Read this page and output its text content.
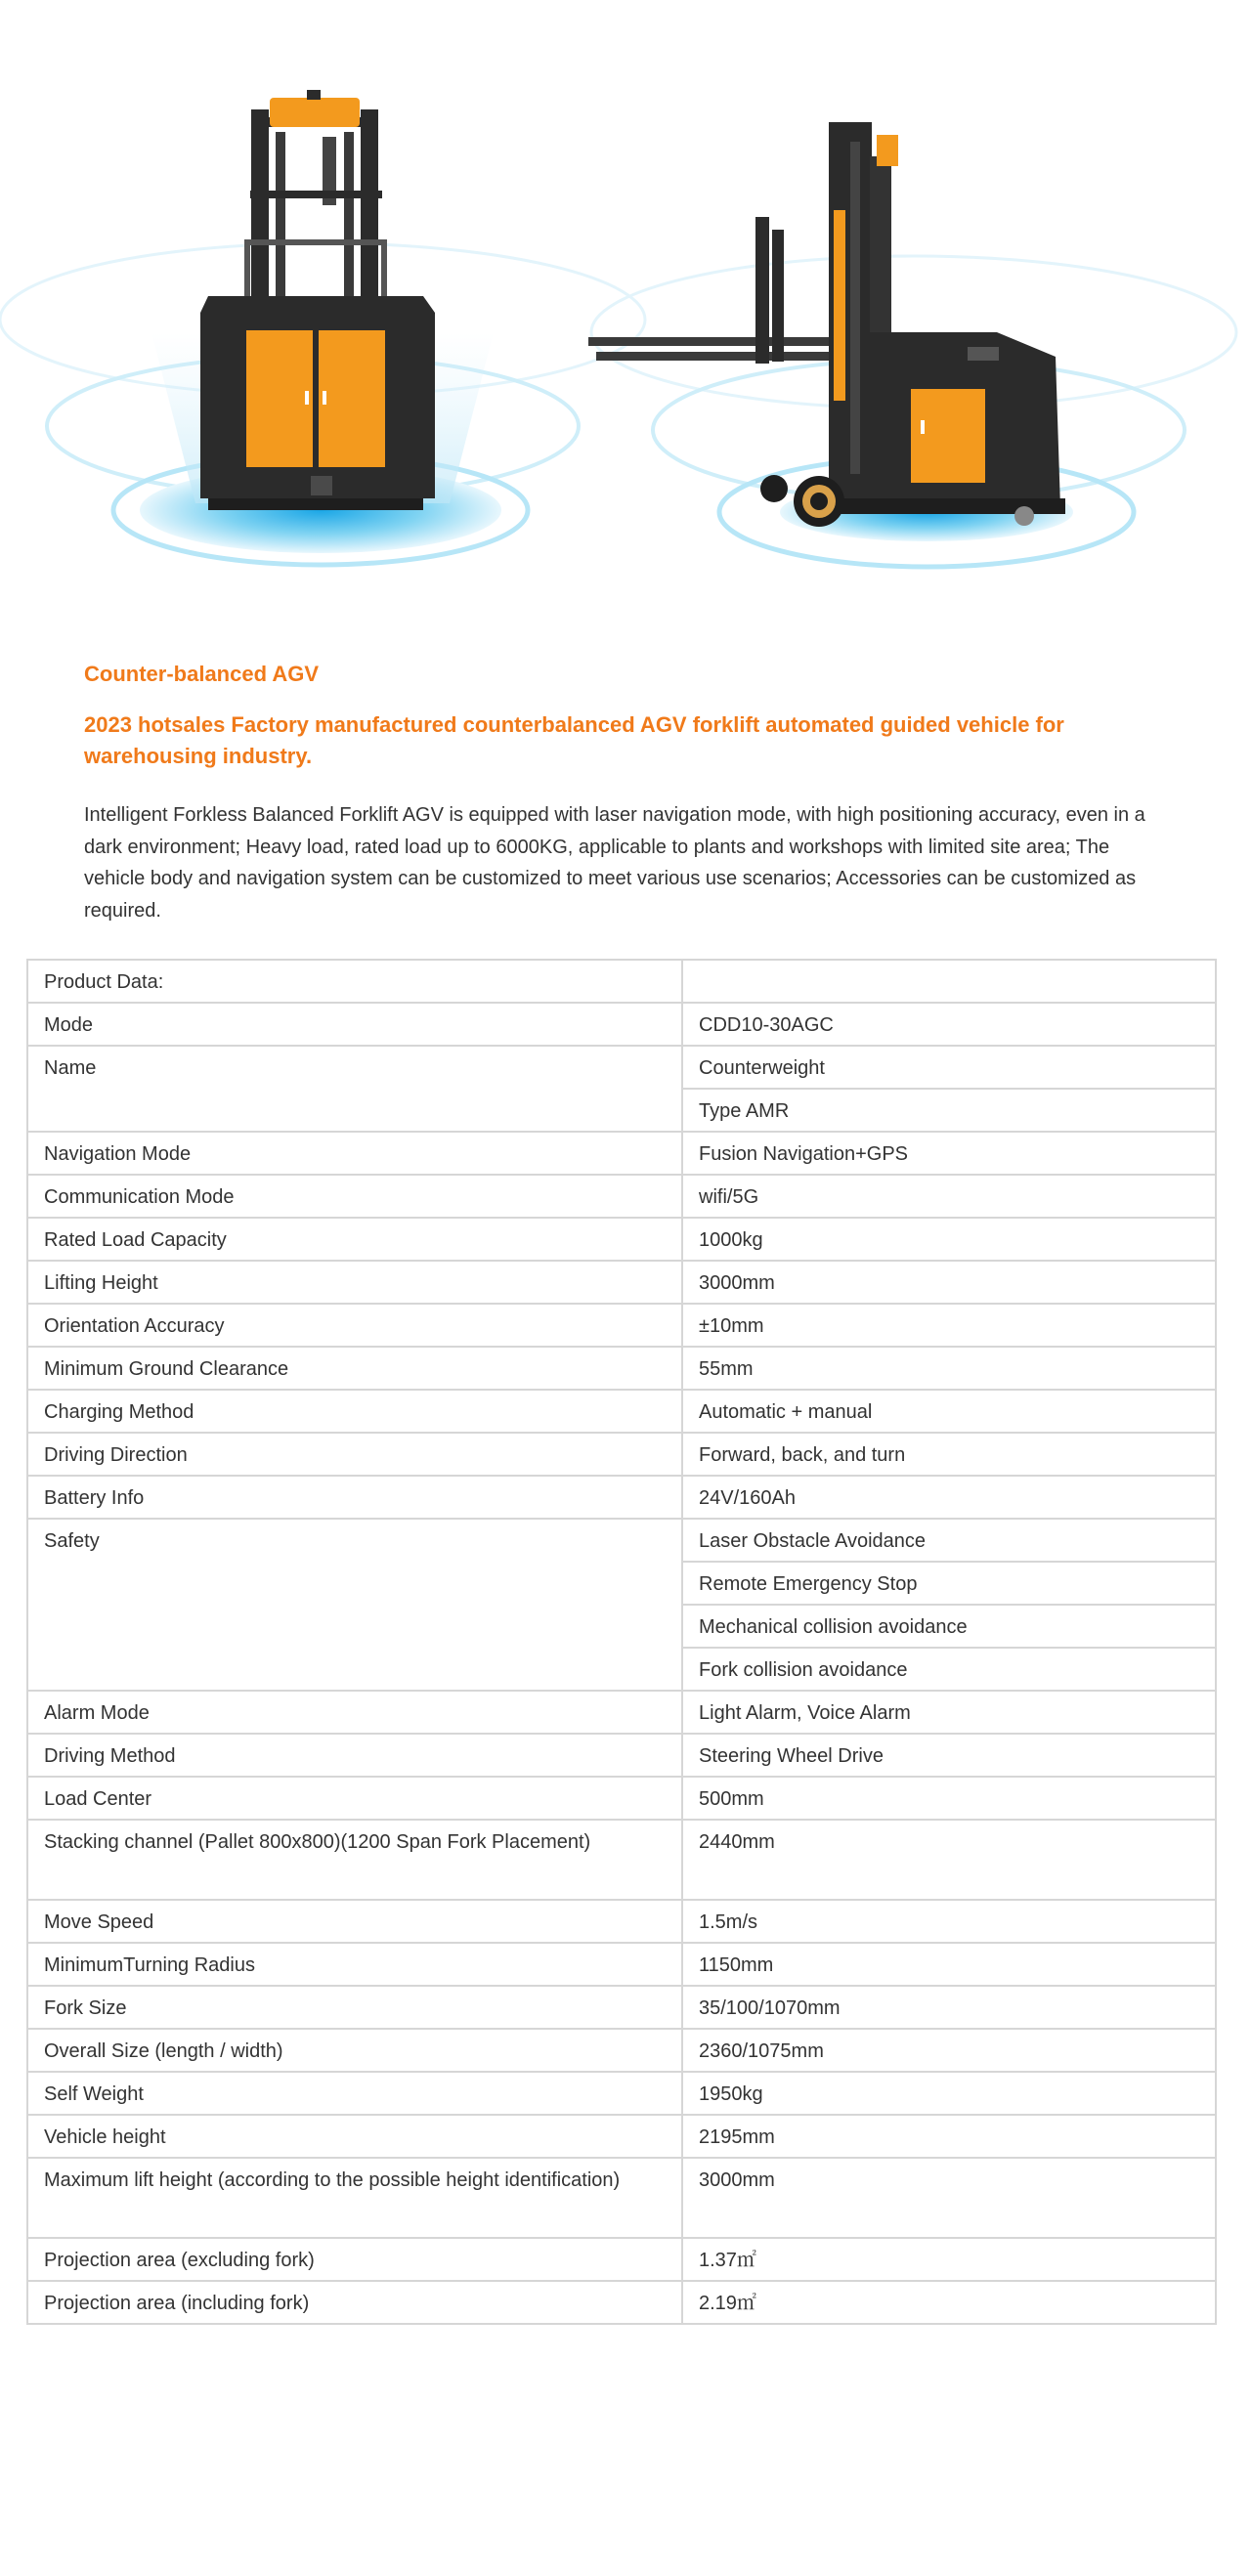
Counter-balanced AGV

2023 hotsales Factory manufactured counterbalanced AGV forklift automated guided vehicle for warehousing industry.

Intelligent Forkless Balanced Forklift AGV is equipped with laser navigation mode, with high positioning accuracy, even in a dark environment; Heavy load, rated load up to 6000KG, applicable to plants and workshops with limited site area; The vehicle body and navigation system can be customized to meet various use scenarios; Accessories can be customized as required.

Product Data:	
Mode	CDD10-30AGC
Name	Counterweight
	Type AMR
Navigation Mode	Fusion Navigation+GPS
Communication Mode	wifi/5G
Rated Load Capacity	1000kg
Lifting Height	3000mm
Orientation Accuracy	±10mm
Minimum Ground Clearance	55mm
Charging Method	Automatic + manual
Driving Direction	Forward, back, and turn
Battery Info	24V/160Ah
Safety	Laser Obstacle Avoidance
	Remote Emergency Stop
	Mechanical collision avoidance
	Fork collision avoidance
Alarm Mode	Light Alarm, Voice Alarm
Driving Method	Steering Wheel Drive
Load Center	500mm
Stacking channel (Pallet 800x800)(1200 Span Fork Placement)	2440mm
Move Speed	1.5m/s
MinimumTurning Radius	1150mm
Fork Size	35/100/1070mm
Overall Size (length / width)	2360/1075mm
Self Weight	1950kg
Vehicle height	2195mm
Maximum lift height (according to the possible height identification)	3000mm
Projection area (excluding fork)	1.37㎡
Projection area (including fork)	2.19㎡
